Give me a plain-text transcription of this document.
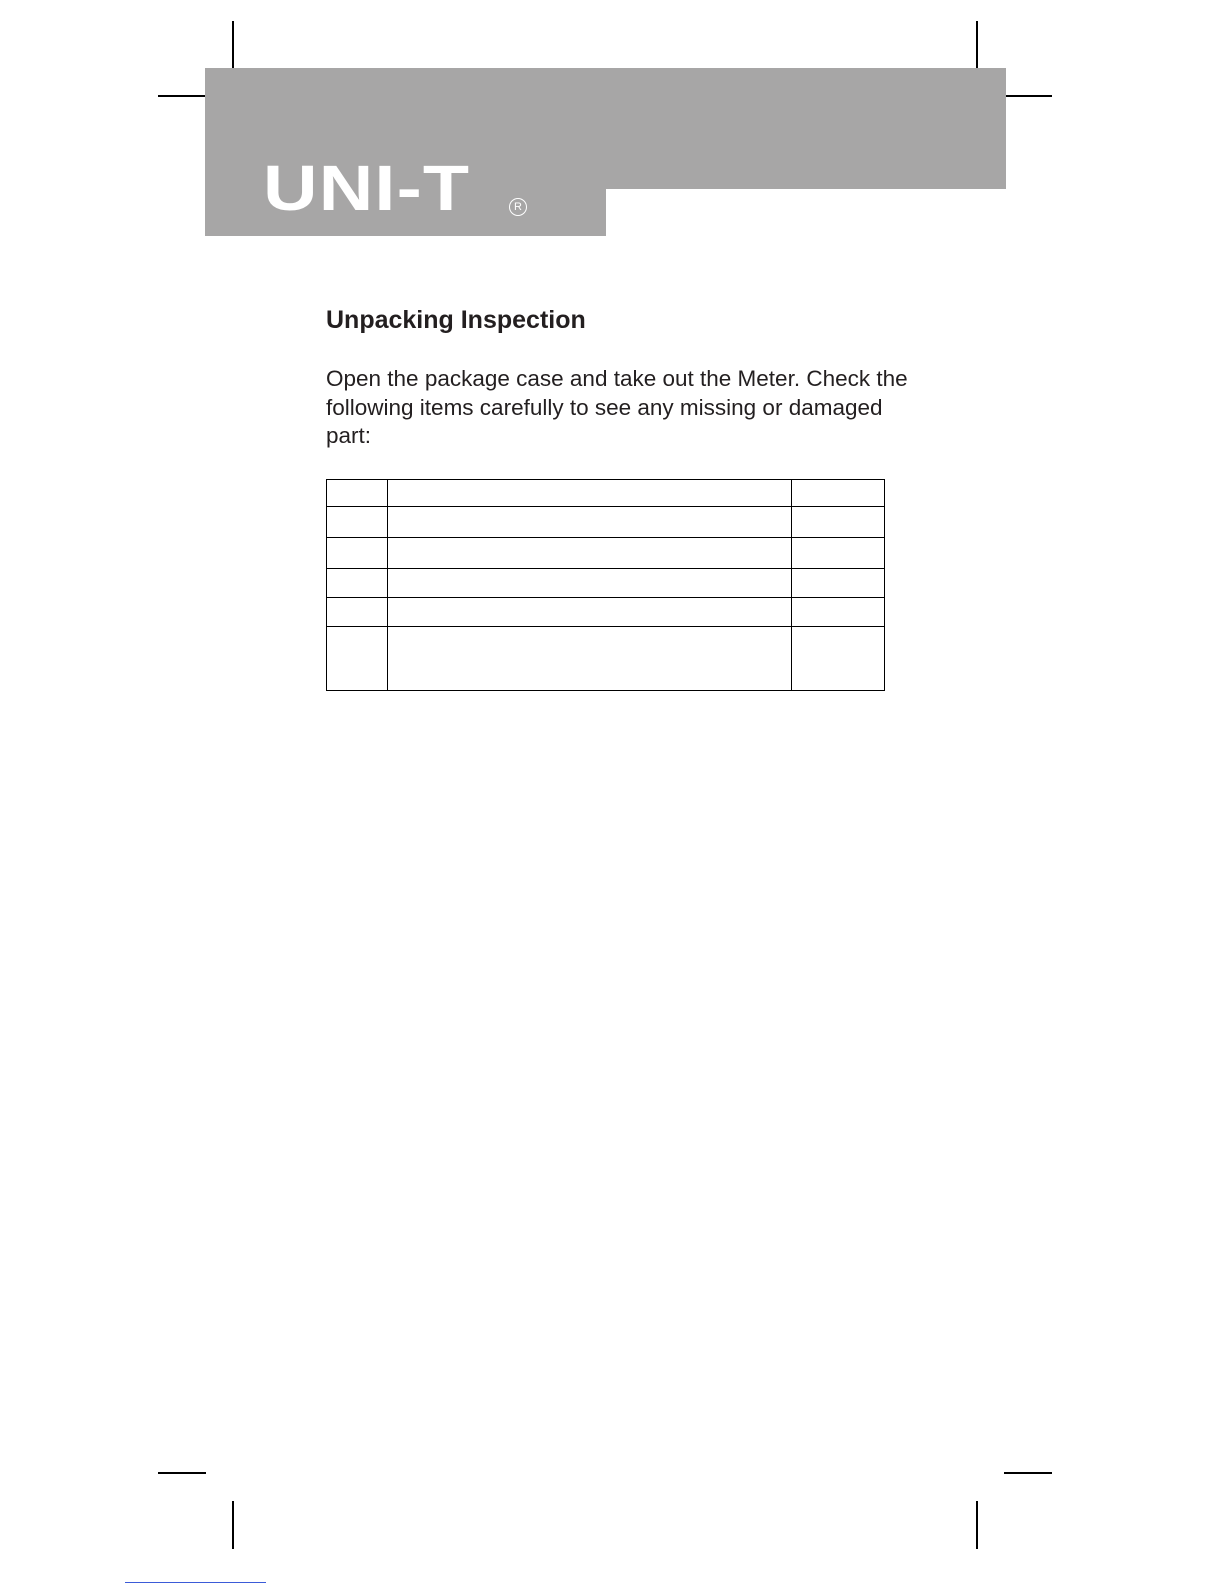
UNI-T	R
Unpacking Inspection

Open the package case and take out the Meter. Check the following items carefully to see any missing or damaged part:
